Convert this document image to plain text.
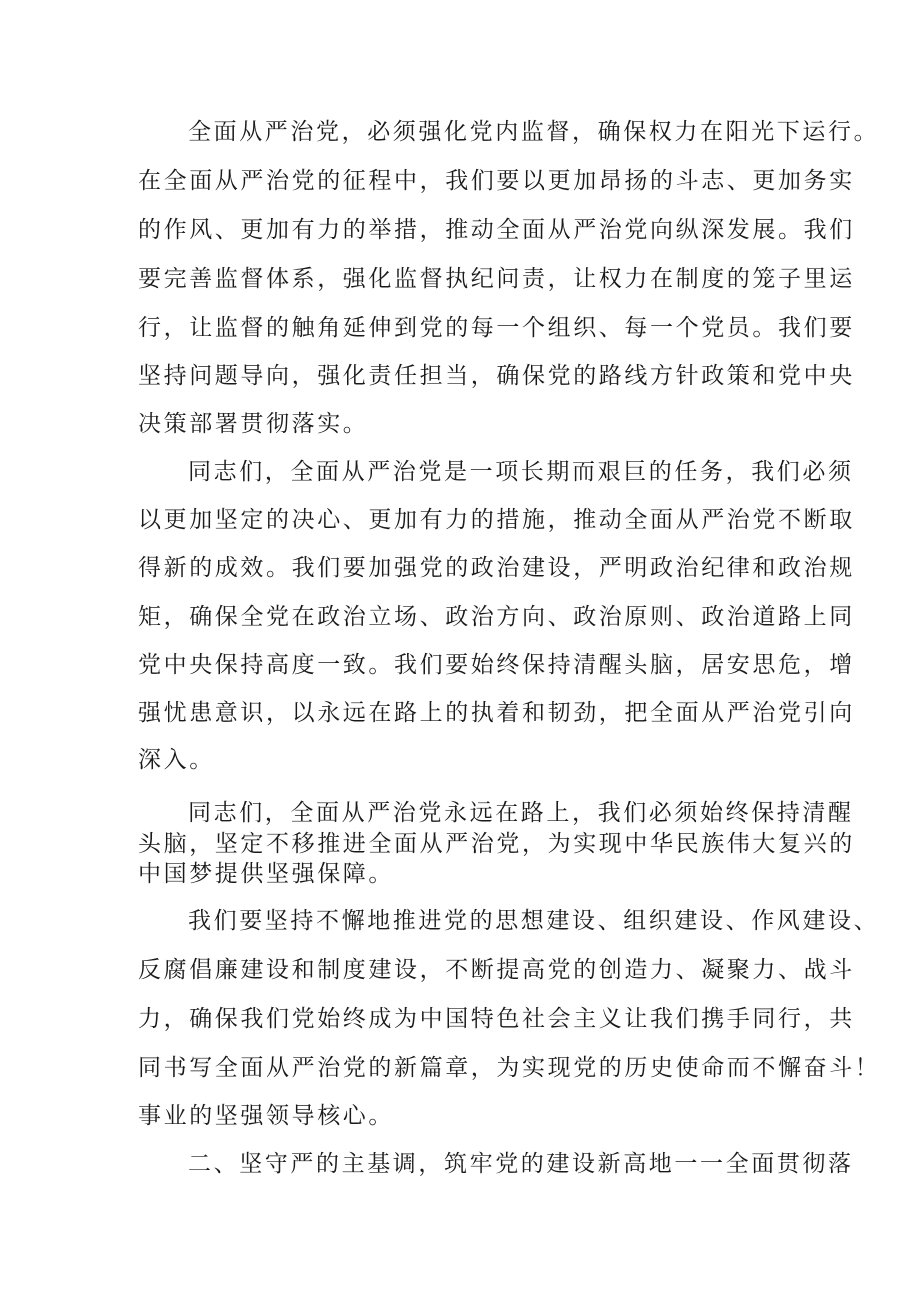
全面从严治党，必须强化党内监督，确保权力在阳光下运行。
在全面从严治党的征程中，我们要以更加昂扬的斗志、更加务实
的作风、更加有力的举措，推动全面从严治党向纵深发展。我们
要完善监督体系，强化监督执纪问责，让权力在制度的笼子里运
行，让监督的触角延伸到党的每一个组织、每一个党员。我们要
坚持问题导向，强化责任担当，确保党的路线方针政策和党中央
决策部署贯彻落实。
同志们，全面从严治党是一项长期而艰巨的任务，我们必须
以更加坚定的决心、更加有力的措施，推动全面从严治党不断取
得新的成效。我们要加强党的政治建设，严明政治纪律和政治规
矩，确保全党在政治立场、政治方向、政治原则、政治道路上同
党中央保持高度一致。我们要始终保持清醒头脑，居安思危，增
强忧患意识，以永远在路上的执着和韧劲，把全面从严治党引向
深入。
同志们，全面从严治党永远在路上，我们必须始终保持清醒
头脑，坚定不移推进全面从严治党，为实现中华民族伟大复兴的
中国梦提供坚强保障。
我们要坚持不懈地推进党的思想建设、组织建设、作风建设、
反腐倡廉建设和制度建设，不断提高党的创造力、凝聚力、战斗
力，确保我们党始终成为中国特色社会主义让我们携手同行，共
同书写全面从严治党的新篇章，为实现党的历史使命而不懈奋斗！
事业的坚强领导核心。
二、坚守严的主基调，筑牢党的建设新高地一一全面贯彻落
